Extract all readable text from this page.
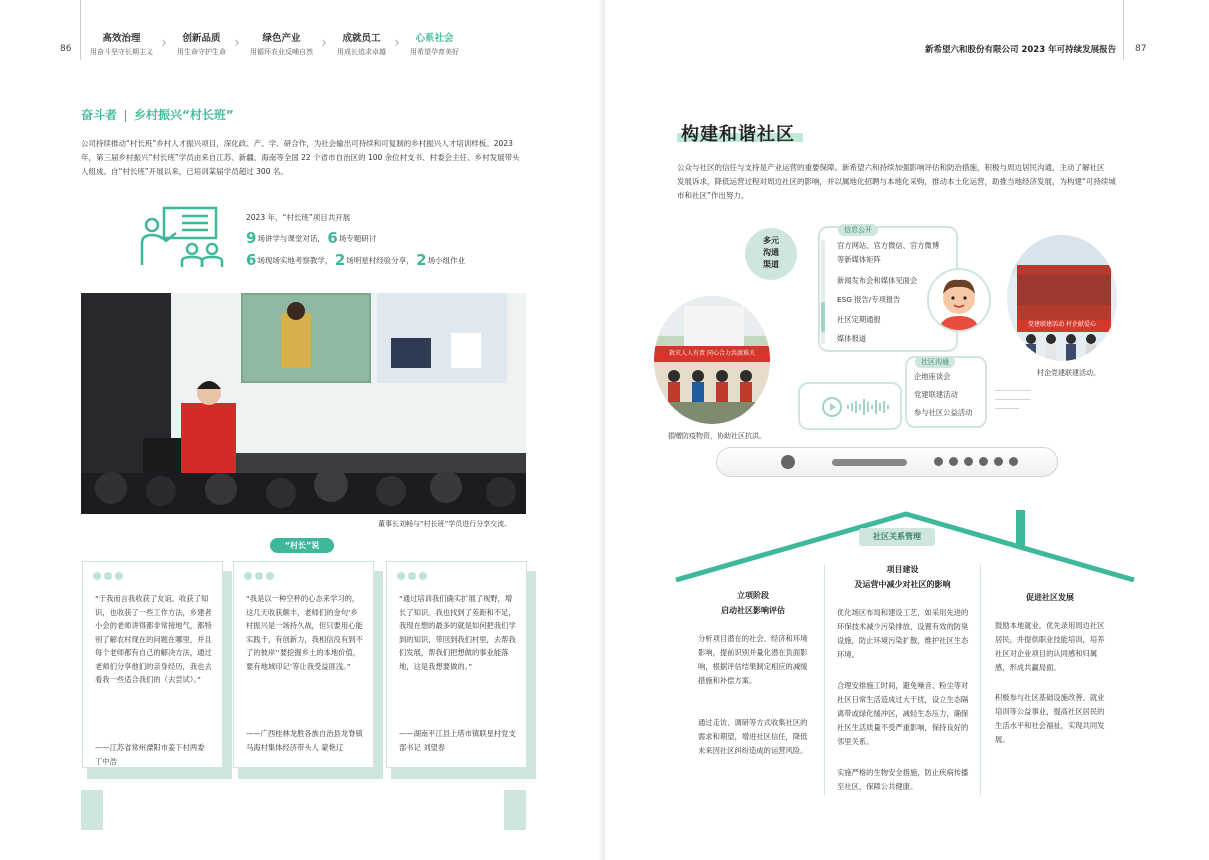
86
高效治理
用奋斗坚守长期主义
›	创新品质
用生命守护生命
›	绿色产业
用循环农业反哺自然
›	成就员工
用成长追求卓越
›	心系社会
用希望孕育美好
奋斗者 乡村振兴“村长班”
公司持续推动“村长班”乡村人才振兴项目，深化政、产、学、研合作，为社会输出可持续和可复制的乡村振兴人才培训样板。2023
年，第三届乡村振兴“村长班”学员由来自江苏、新疆、海南等全国 22 个省市自治区的 100 余位村支书、村委会主任、乡村发展带头
人组成。自“村长班”开展以来，已培训某届学员超过 300 名。
2023 年，“村长班”项目共开展
9场讲学与课堂对话， 6场专题研讨
6场现场实地考察教学， 2场明星村经验分享， 2场小组作业
董事长刘畅与“村长班”学员进行分享交流。
“村长”说
“于我而言我收获了友谊，收获了知识，也收获了一些工作方法，乡建者小会的老师讲得都非常接地气，都特别了解农村现在的问题在哪里，并且每个老师都有自己的解决方法，通过老师们分享他们的亲身经历，我也去看我一些适合我们的（去尝试）。”
——江苏省常州溧阳市姜下村两委 丁中浩
“我是以一种空杯的心态来学习的，这几天收获颇丰，老师们的金句‘乡村振兴是一场持久战，但只要用心能实践千，有创新力，我相信没有到不了的彼岸’‘要挖掘乡土的本地价值，要有地域印记’等让我受益匪浅。”
——广西桂林龙胜各族自治县龙脊镇马海村集体经济带头人 蒙艳辽
“通过培训我们确实扩展了视野，增长了知识。我也找到了差距和不足，我现在想的最多的就是如何把我们学到的知识，带回到我们村里，去帮我们发展，帮我们把想做的事业能落地，这是我想要做的。”
——湖南平江县上塔市镇联星村党支部书记 刘望春
新希望六和股份有限公司 2023 年可持续发展报告 87
构建和谐社区
公众与社区的信任与支持是产业运营的重要保障。新希望六和持续加强影响评估和防治措施，积极与周边居民沟通，主动了解社区
发展诉求，降低运营过程对周边社区的影响，并以属地化招聘与本地化采购，推动本土化运营，助推当地经济发展，为构建“可持续城
市和社区”作出努力。
多元
沟通
渠道
信息公开
官方网站、官方微信、官方微博
等新媒体矩阵
新闻发布会和媒体见面会
ESG 报告/专项报告
社区定期通报
媒体报道
社区沟通
企地座谈会
党建联建活动
参与社区公益活动
救灾人人有责 同心合力共渡难关
捐赠防疫物资，协助社区抗洪。
党建联建活动 村企献爱心
村企党建联建活动。
社区关系管理
立项阶段
启动社区影响评估
分析项目潜在的社会、经济和环境影响，提前识别并量化潜在负面影响，根据评估结果制定相应的减缓措施和补偿方案。
通过走访、调研等方式收集社区的需求和期望，增进社区信任，降低未来因社区纠纷造成的运营风险。
项目建设
及运营中减少对社区的影响
优化场区布局和建设工艺，如采用先进的环保技术减少污染排放，设置有效的防臭设施，防止环境污染扩散，维护社区生态环境。
合理安排施工时间，避免噪音、粉尘等对社区日常生活造成过大干扰，设立生态隔离带或绿化缓冲区，减轻生态压力，确保社区生活质量不受严重影响，保持良好的邻里关系。
实施严格的生物安全措施，防止疾病传播至社区，保障公共健康。
促进社区发展
鼓励本地就业，优先录用周边社区居民，并提供职业技能培训，培养社区对企业项目的认同感和归属感，形成共赢局面。
积极参与社区基础设施改善、就业培训等公益事业，提高社区居民的生活水平和社会福祉，实现共同发展。
